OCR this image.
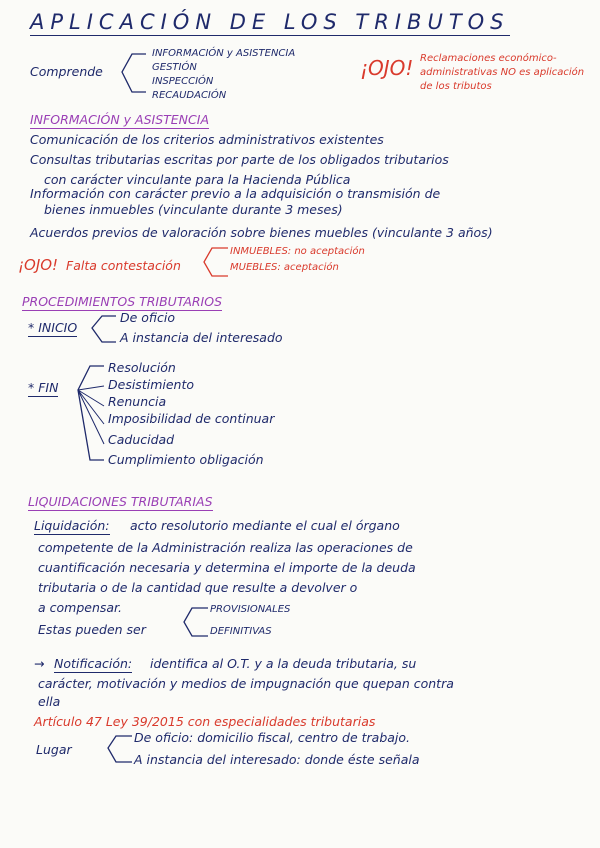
APLICACIÓN DE LOS TRIBUTOS
Comprende
INFORMACIÓN y ASISTENCIA
GESTIÓN
INSPECCIÓN
RECAUDACIÓN
¡OJO! Reclamaciones económico-administrativas NO es aplicación de los tributos
INFORMACIÓN y ASISTENCIA
Comunicación de los criterios administrativos existentes
Consultas tributarias escritas por parte de los obligados tributarios
con carácter vinculante para la Hacienda Pública
Información con carácter previo a la adquisición o transmisión de
bienes inmuebles (vinculante durante 3 meses)
Acuerdos previos de valoración sobre bienes muebles (vinculante 3 años)
¡OJO! Falta contestación
INMUEBLES: no aceptación
MUEBLES: aceptación
PROCEDIMIENTOS TRIBUTARIOS
* INICIO
De oficio
A instancia del interesado
* FIN
Resolución
Desistimiento
Renuncia
Imposibilidad de continuar
Caducidad
Cumplimiento obligación
LIQUIDACIONES TRIBUTARIAS
Liquidación: acto resolutorio mediante el cual el órgano
competente de la Administración realiza las operaciones de
cuantificación necesaria y determina el importe de la deuda
tributaria o de la cantidad que resulte a devolver o
a compensar.
Estas pueden ser
PROVISIONALES
DEFINITIVAS
→ Notificación: identifica al O.T. y a la deuda tributaria, su
carácter, motivación y medios de impugnación que quepan contra
ella
Artículo 47 Ley 39/2015 con especialidades tributarias
Lugar
De oficio: domicilio fiscal, centro de trabajo.
A instancia del interesado: donde éste señala
